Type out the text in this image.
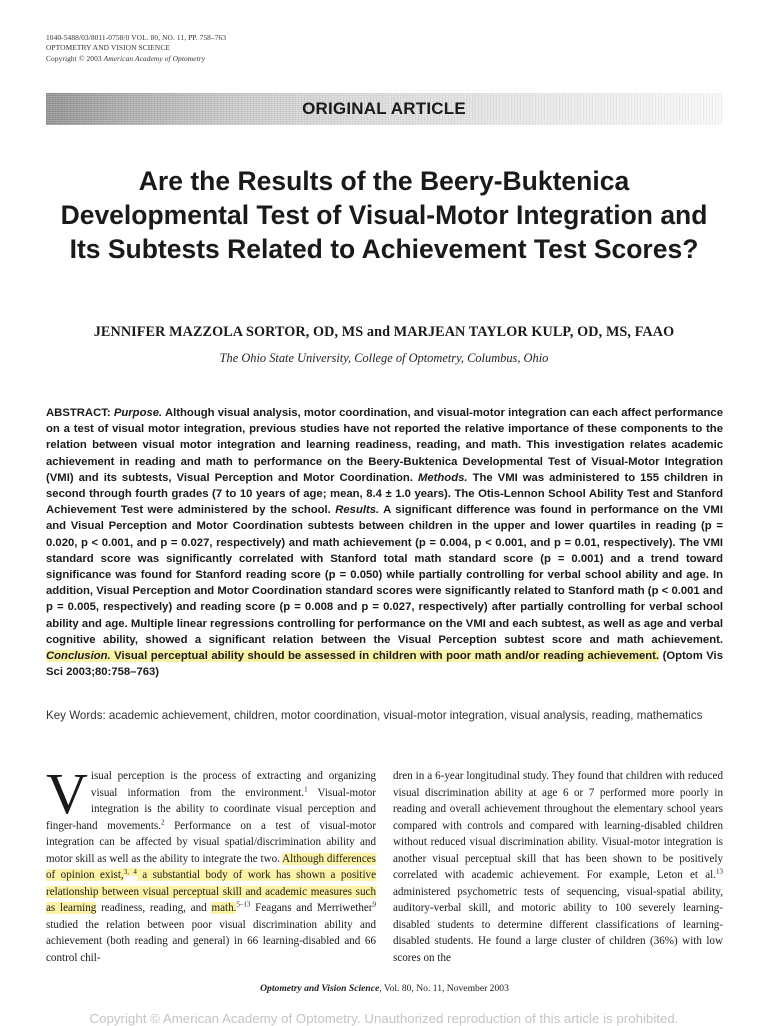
1040-5488/03/8011-0758/0 VOL. 80, NO. 11, PP. 758–763
OPTOMETRY AND VISION SCIENCE
Copyright © 2003 American Academy of Optometry
ORIGINAL ARTICLE
Are the Results of the Beery-Buktenica Developmental Test of Visual-Motor Integration and Its Subtests Related to Achievement Test Scores?
JENNIFER MAZZOLA SORTOR, OD, MS and MARJEAN TAYLOR KULP, OD, MS, FAAO
The Ohio State University, College of Optometry, Columbus, Ohio

ABSTRACT: Purpose. Although visual analysis, motor coordination, and visual-motor integration can each affect performance on a test of visual motor integration, previous studies have not reported the relative importance of these components to the relation between visual motor integration and learning readiness, reading, and math. This investigation relates academic achievement in reading and math to performance on the Beery-Buktenica Developmental Test of Visual-Motor Integration (VMI) and its subtests, Visual Perception and Motor Coordination. Methods. The VMI was administered to 155 children in second through fourth grades (7 to 10 years of age; mean, 8.4 ± 1.0 years). The Otis-Lennon School Ability Test and Stanford Achievement Test were administered by the school. Results. A significant difference was found in performance on the VMI and Visual Perception and Motor Coordination subtests between children in the upper and lower quartiles in reading (p = 0.020, p < 0.001, and p = 0.027, respectively) and math achievement (p = 0.004, p < 0.001, and p = 0.01, respectively). The VMI standard score was significantly correlated with Stanford total math standard score (p = 0.001) and a trend toward significance was found for Stanford reading score (p = 0.050) while partially controlling for verbal school ability and age. In addition, Visual Perception and Motor Coordination standard scores were significantly related to Stanford math (p < 0.001 and p = 0.005, respectively) and reading score (p = 0.008 and p = 0.027, respectively) after partially controlling for verbal school ability and age. Multiple linear regressions controlling for performance on the VMI and each subtest, as well as age and verbal cognitive ability, showed a significant relation between the Visual Perception subtest score and math achievement. Conclusion. Visual perceptual ability should be assessed in children with poor math and/or reading achievement. (Optom Vis Sci 2003;80:758–763)

Key Words: academic achievement, children, motor coordination, visual-motor integration, visual analysis, reading, mathematics

Visual perception is the process of extracting and organizing visual information from the environment.$^1$ Visual-motor integration is the ability to coordinate visual perception and finger-hand movements.$^2$ Performance on a test of visual-motor integration can be affected by visual spatial/discrimination ability and motor skill as well as the ability to integrate the two. Although differences of opinion exist,$^{3, 4}$ a substantial body of work has shown a positive relationship between visual perceptual skill and academic measures such as learning readiness, reading, and math.$^{5-13}$ Feagans and Merriwether$^9$ studied the relation between poor visual discrimination ability and achievement (both reading and general) in 66 learning-disabled and 66 control chil-

dren in a 6-year longitudinal study. They found that children with reduced visual discrimination ability at age 6 or 7 performed more poorly in reading and overall achievement throughout the elementary school years compared with controls and compared with learning-disabled children without reduced visual discrimination ability. Visual-motor integration is another visual perceptual skill that has been shown to be positively correlated with academic achievement. For example, Leton et al.$^{13}$ administered psychometric tests of sequencing, visual-spatial ability, auditory-verbal skill, and motoric ability to 100 severely learning-disabled students to determine different classifications of learning-disabled students. He found a large cluster of children (36%) with low scores on the

Optometry and Vision Science, Vol. 80, No. 11, November 2003
Copyright © American Academy of Optometry. Unauthorized reproduction of this article is prohibited.
